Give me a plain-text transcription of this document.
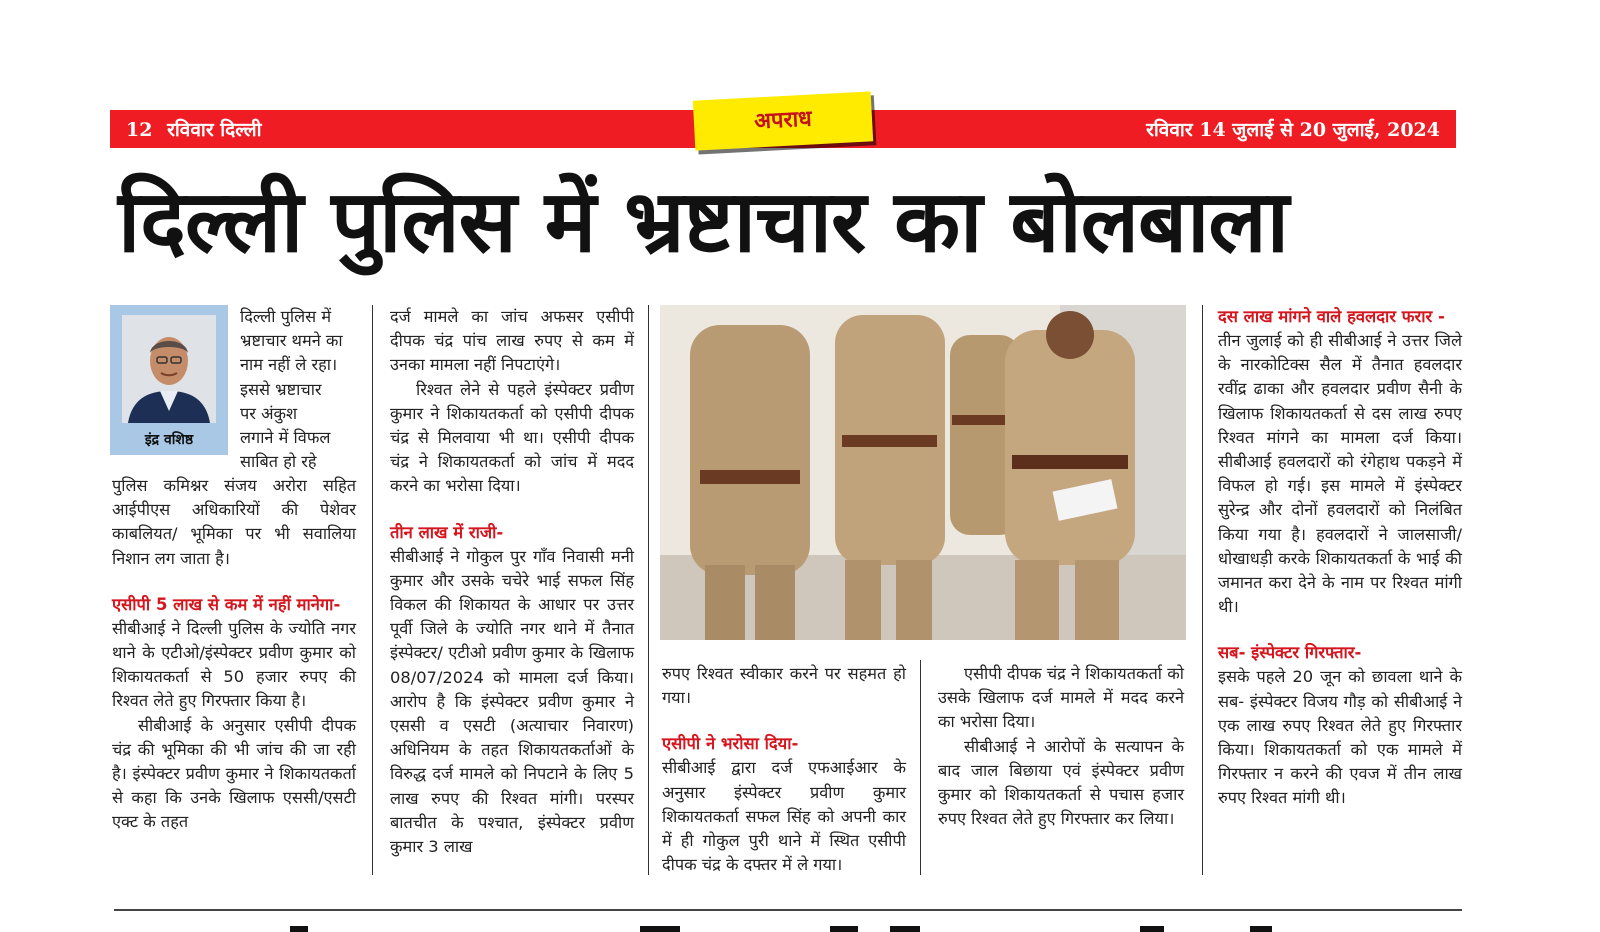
12 रविवार दिल्ली	रविवार 14 जुलाई से 20 जुलाई, 2024
अपराध
दिल्ली पुलिस में भ्रष्टाचार का बोलबाला
इंद्र वशिष्ठ

दिल्ली पुलिस में

भ्रष्टाचार थमने का

नाम नहीं ले रहा।

इससे भ्रष्टाचार

पर अंकुश

लगाने में विफल

साबित हो रहे

पुलिस कमिश्नर संजय अरोरा सहित आईपीएस अधिकारियों की पेशेवर काबलियत/ भूमिका पर भी सवालिया निशान लग जाता है।

एसीपी 5 लाख से कम में नहीं मानेगा-

सीबीआई ने दिल्ली पुलिस के ज्योति नगर थाने के एटीओ/इंस्पेक्टर प्रवीण कुमार को शिकायतकर्ता से 50 हजार रुपए की रिश्वत लेते हुए गिरफ्तार किया है।

सीबीआई के अनुसार एसीपी दीपक चंद्र की भूमिका की भी जांच की जा रही है। इंस्पेक्टर प्रवीण कुमार ने शिकायतकर्ता से कहा कि उनके खिलाफ एससी/एसटी एक्ट के तहत

दर्ज मामले का जांच अफसर एसीपी दीपक चंद्र पांच लाख रुपए से कम में उनका मामला नहीं निपटाएंगे।

रिश्वत लेने से पहले इंस्पेक्टर प्रवीण कुमार ने शिकायतकर्ता को एसीपी दीपक चंद्र से मिलवाया भी था। एसीपी दीपक चंद्र ने शिकायतकर्ता को जांच में मदद करने का भरोसा दिया।

तीन लाख में राजी-

सीबीआई ने गोकुल पुर गाँव निवासी मनी कुमार और उसके चचेरे भाई सफल सिंह विकल की शिकायत के आधार पर उत्तर पूर्वी जिले के ज्योति नगर थाने में तैनात इंस्पेक्टर/ एटीओ प्रवीण कुमार के खिलाफ 08/07/2024 को मामला दर्ज किया।आरोप है कि इंस्पेक्टर प्रवीण कुमार ने एससी व एसटी (अत्याचार निवारण) अधिनियम के तहत शिकायतकर्ताओं के विरुद्ध दर्ज मामले को निपटाने के लिए 5 लाख रुपए की रिश्वत मांगी। परस्पर बातचीत के पश्चात, इंस्पेक्टर प्रवीण कुमार 3 लाख

रुपए रिश्वत स्वीकार करने पर सहमत हो गया।

एसीपी ने भरोसा दिया-

सीबीआई द्वारा दर्ज एफआईआर के अनुसार इंस्पेक्टर प्रवीण कुमार शिकायतकर्ता सफल सिंह को अपनी कार में ही गोकुल पुरी थाने में स्थित एसीपी दीपक चंद्र के दफ्तर में ले गया।

एसीपी दीपक चंद्र ने शिकायतकर्ता को उसके खिलाफ दर्ज मामले में मदद करने का भरोसा दिया।

सीबीआई ने आरोपों के सत्यापन के बाद जाल बिछाया एवं इंस्पेक्टर प्रवीण कुमार को शिकायतकर्ता से पचास हजार रुपए रिश्वत लेते हुए गिरफ्तार कर लिया।

दस लाख मांगने वाले हवलदार फरार -

तीन जुलाई को ही सीबीआई ने उत्तर जिले के नारकोटिक्स सैल में तैनात हवलदार रवींद्र ढाका और हवलदार प्रवीण सैनी के खिलाफ शिकायतकर्ता से दस लाख रुपए रिश्वत मांगने का मामला दर्ज किया। सीबीआई हवलदारों को रंगेहाथ पकड़ने में विफल हो गई। इस मामले में इंस्पेक्टर सुरेन्द्र और दोनों हवलदारों को निलंबित किया गया है। हवलदारों ने जालसाजी/धोखाधड़ी करके शिकायतकर्ता के भाई की जमानत करा देने के नाम पर रिश्वत मांगी थी।

सब- इंस्पेक्टर गिरफ्तार-

इसके पहले 20 जून को छावला थाने के सब- इंस्पेक्टर विजय गौड़ को सीबीआई ने एक लाख रुपए रिश्वत लेते हुए गिरफ्तार किया। शिकायतकर्ता को एक मामले में गिरफ्तार न करने की एवज में तीन लाख रुपए रिश्वत मांगी थी।
